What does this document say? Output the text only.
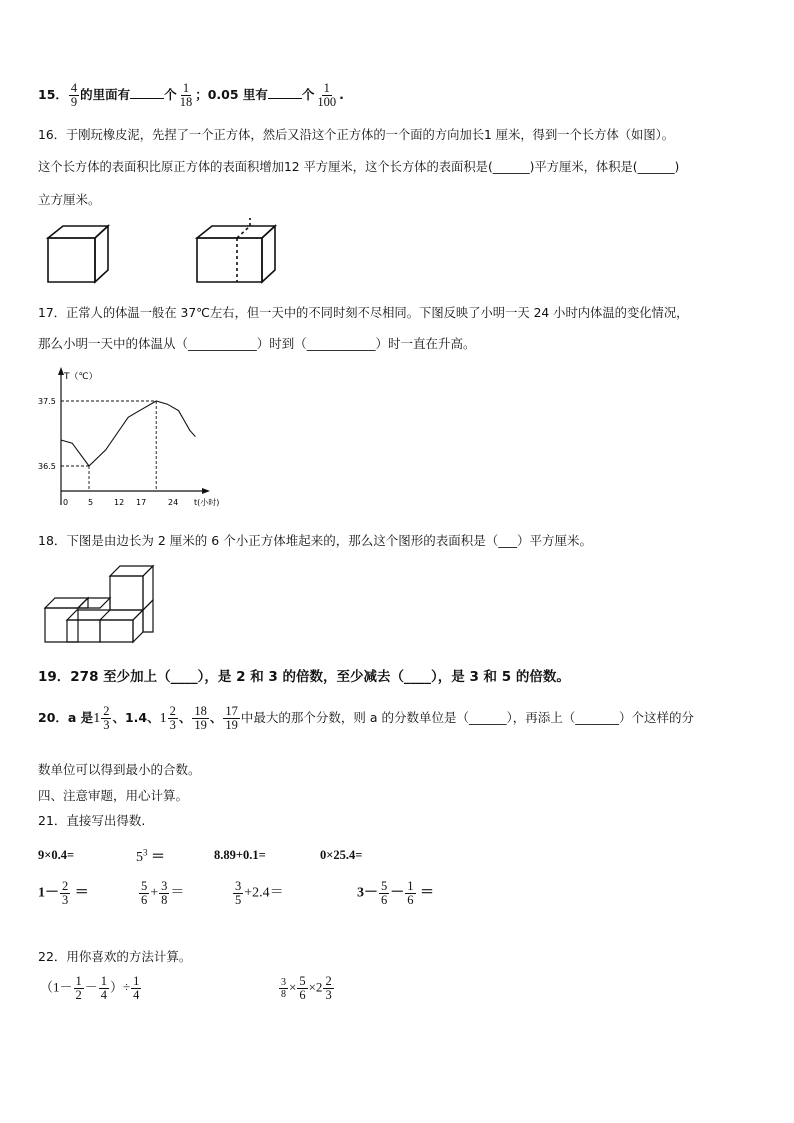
15． $\frac{4}{9}$ 的里面有	个 $\frac{1}{18}$ ；0.05 里有	个 $\frac{1}{100}$ .
16．于刚玩橡皮泥，先捏了一个正方体，然后又沿这个正方体的一个面的方向加长1 厘米，得到一个长方体（如图）。
这个长方体的表面积比原正方体的表面积增加12 平方厘米，这个长方体的表面积是(______)平方厘米，体积是(______)
立方厘米。
17．正常人的体温一般在 37℃左右，但一天中的不同时刻不尽相同。下图反映了小明一天 24 小时内体温的变化情况，
那么小明一天中的体温从（___________）时到（___________）时一直在升高。
T（℃）
t(小时)
37.5
36.5
0 5	12 17	24
18．下图是由边长为 2 厘米的 6 个小正方体堆起来的，那么这个图形的表面积是（___）平方厘米。
19．278 至少加上（____），是 2 和 3 的倍数，至少减去（____），是 3 和 5 的倍数。
20．a 是$1 \frac{2}{3}$ 、1.4、$1 \frac{2}{3}$ 、 $\frac{18}{19}$ 、 $\frac{17}{19}$ 中最大的那个分数，则 a 的分数单位是（______），再添上（_______）个这样的分
数单位可以得到最小的合数。
四、注意审题，用心计算。
21．直接写出得数.
9×0.4=	$5^3$ ＝	8.89+0.1=	0×25.4=
$1- \frac{2}{3}$ ＝	$\frac{5}{6} + \frac{3}{8}$ ＝	$\frac{3}{5} +2.4=$	$3- \frac{5}{6} - \frac{1}{6}$ ＝
22．用你喜欢的方法计算。
（$1- \frac{1}{2} - \frac{1}{4}$ ）÷ $\frac{1}{4}$	$\frac{3}{8} \times \frac{5}{6} \times 2 \frac{2}{3}$
